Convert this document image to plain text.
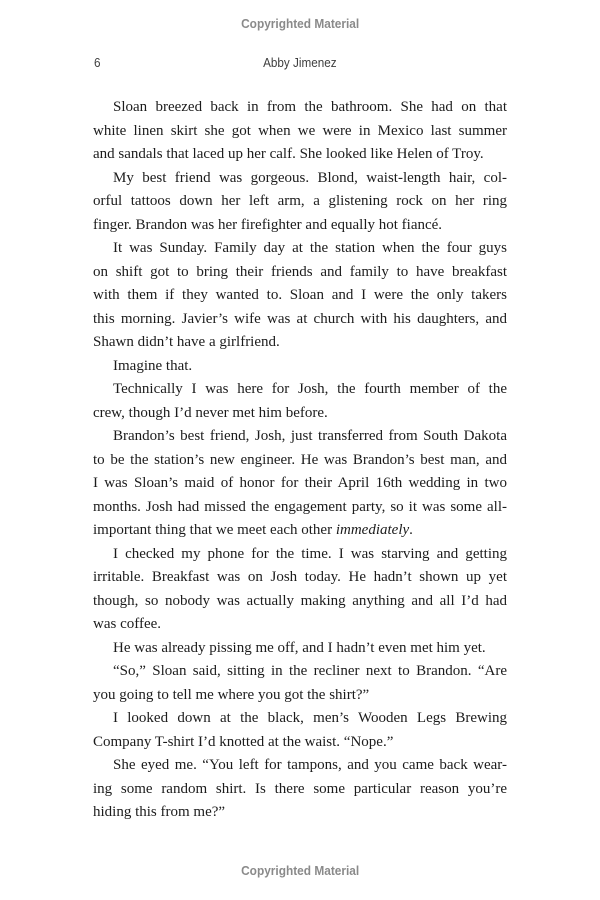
Copyrighted Material
6	Abby Jimenez
Sloan breezed back in from the bathroom. She had on that
white linen skirt she got when we were in Mexico last summer
and sandals that laced up her calf. She looked like Helen of Troy.
My best friend was gorgeous. Blond, waist-length hair, col-
orful tattoos down her left arm, a glistening rock on her ring
finger. Brandon was her firefighter and equally hot fiancé.
It was Sunday. Family day at the station when the four guys
on shift got to bring their friends and family to have breakfast
with them if they wanted to. Sloan and I were the only takers
this morning. Javier’s wife was at church with his daughters, and
Shawn didn’t have a girlfriend.
Imagine that.
Technically I was here for Josh, the fourth member of the
crew, though I’d never met him before.
Brandon’s best friend, Josh, just transferred from South Dakota
to be the station’s new engineer. He was Brandon’s best man, and
I was Sloan’s maid of honor for their April 16th wedding in two
months. Josh had missed the engagement party, so it was some all-
important thing that we meet each other immediately.
I checked my phone for the time. I was starving and getting
irritable. Breakfast was on Josh today. He hadn’t shown up yet
though, so nobody was actually making anything and all I’d had
was coffee.
He was already pissing me off, and I hadn’t even met him yet.
“So,” Sloan said, sitting in the recliner next to Brandon. “Are
you going to tell me where you got the shirt?”
I looked down at the black, men’s Wooden Legs Brewing
Company T-shirt I’d knotted at the waist. “Nope.”
She eyed me. “You left for tampons, and you came back wear-
ing some random shirt. Is there some particular reason you’re
hiding this from me?”
Copyrighted Material
